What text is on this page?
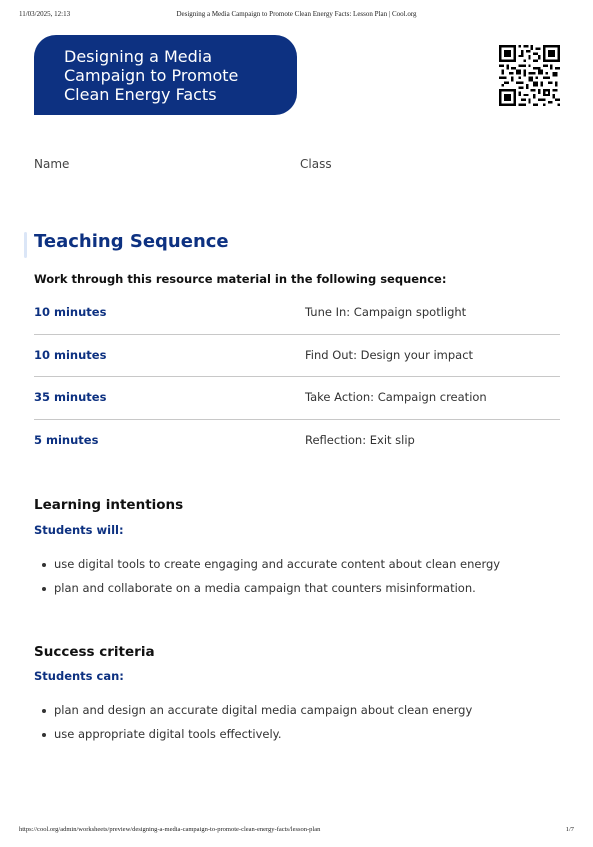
11/03/2025, 12:13	Designing a Media Campaign to Promote Clean Energy Facts: Lesson Plan | Cool.org
Designing a Media
Campaign to Promote
Clean Energy Facts
Name	Class
Teaching Sequence
Work through this resource material in the following sequence:
10 minutes	Tune In: Campaign spotlight
10 minutes	Find Out: Design your impact
35 minutes	Take Action: Campaign creation
5 minutes	Reflection: Exit slip
Learning intentions
Students will:
use digital tools to create engaging and accurate content about clean energy
plan and collaborate on a media campaign that counters misinformation.
Success criteria
Students can:
plan and design an accurate digital media campaign about clean energy
use appropriate digital tools effectively.
https://cool.org/admin/worksheets/preview/designing-a-media-campaign-to-promote-clean-energy-facts/lesson-plan	1/7
